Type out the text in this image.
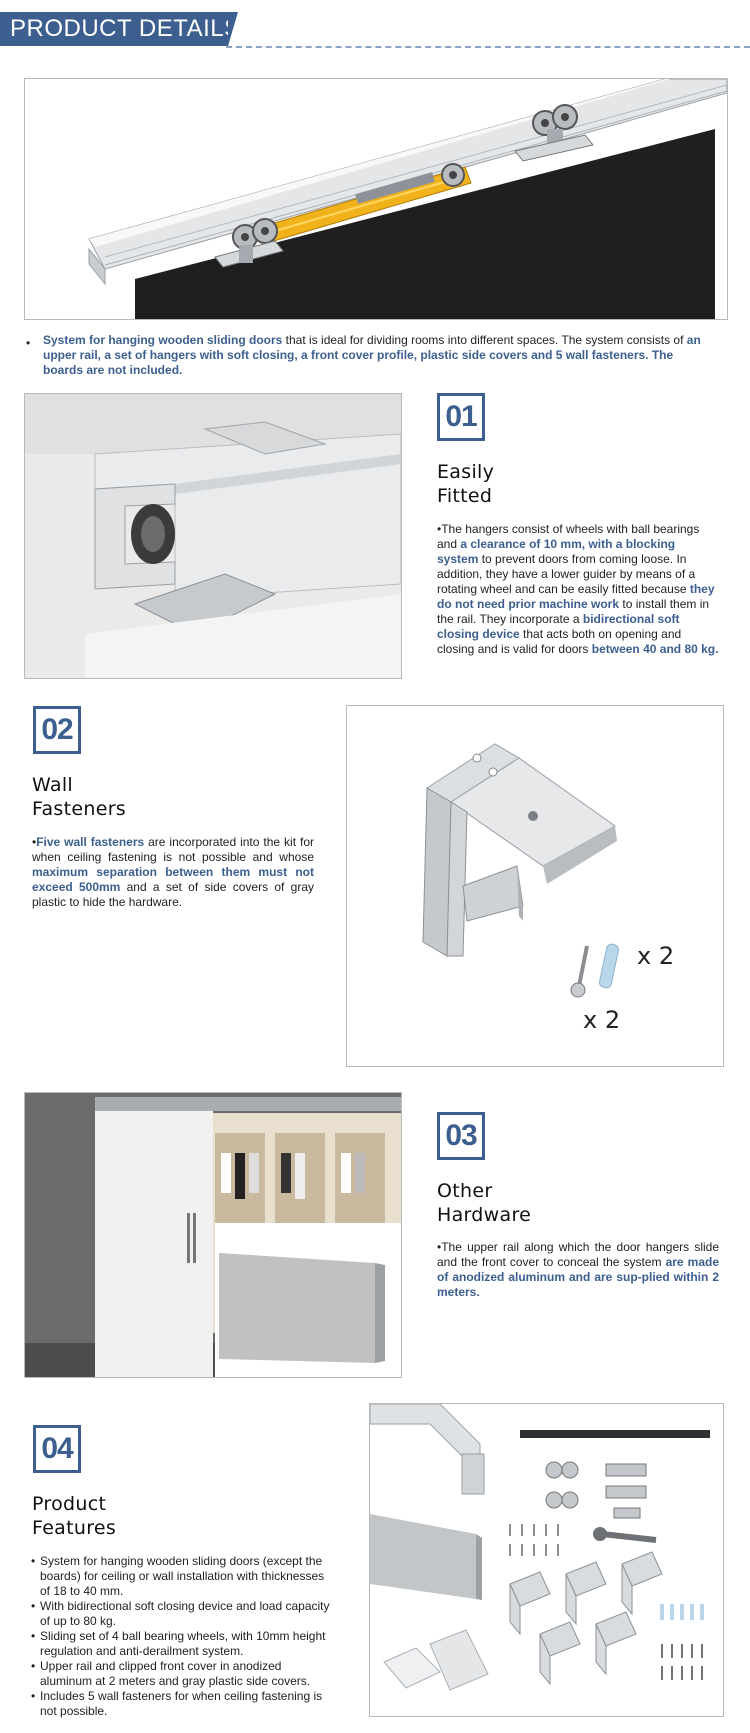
PRODUCT DETAILS
•	System for hanging wooden sliding doors that is ideal for dividing rooms into different spaces. The system consists of an upper rail, a set of hangers with soft closing, a front cover profile, plastic side covers and 5 wall fasteners. The boards are not included.
01
Easily
Fitted
•The hangers consist of wheels with ball bearings and a clearance of 10 mm, with a blocking system to prevent doors from coming loose. In addition, they have a lower guider by means of a rotating wheel and can be easily fitted because they do not need prior machine work to install them in the rail. They incorporate a bidirectional soft closing device that acts both on opening and closing and is valid for doors between 40 and 80 kg.
02
Wall
Fasteners
•Five wall fasteners are incorporated into the kit for when ceiling fastening is not possible and whose maximum separation between them must not exceed 500mm and a set of side covers of gray plastic to hide the hardware.
x 2
x 2
03
Other
Hardware
•The upper rail along which the door hangers slide and the front cover to conceal the system are made of anodized aluminum and are sup-plied within 2 meters.
04
Product
Features
• System for hanging wooden sliding doors (except the boards) for ceiling or wall installation with thicknesses of 18 to 40 mm.
• With bidirectional soft closing device and load capacity of up to 80 kg.
• Sliding set of 4 ball bearing wheels, with 10mm height regulation and anti-derailment system.
• Upper rail and clipped front cover in anodized aluminum at 2 meters and gray plastic side covers.
• Includes 5 wall fasteners for when ceiling fastening is not possible.
